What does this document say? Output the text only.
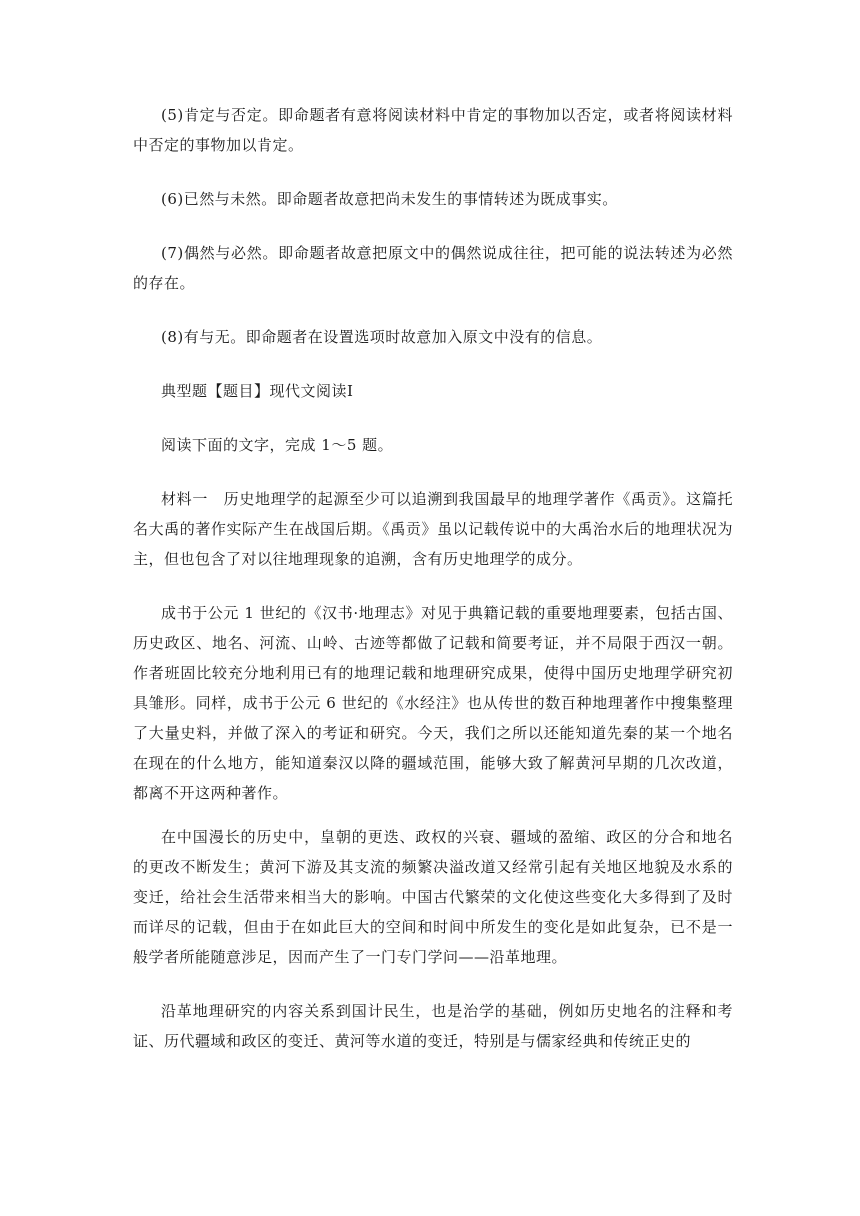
(5)肯定与否定。即命题者有意将阅读材料中肯定的事物加以否定，或者将阅读材料中否定的事物加以肯定。

(6)已然与未然。即命题者故意把尚未发生的事情转述为既成事实。

(7)偶然与必然。即命题者故意把原文中的偶然说成往往，把可能的说法转述为必然的存在。

(8)有与无。即命题者在设置选项时故意加入原文中没有的信息。

典型题【题目】现代文阅读Ⅰ

阅读下面的文字，完成 1～5 题。

材料一　历史地理学的起源至少可以追溯到我国最早的地理学著作《禹贡》。这篇托名大禹的著作实际产生在战国后期。《禹贡》虽以记载传说中的大禹治水后的地理状况为主，但也包含了对以往地理现象的追溯，含有历史地理学的成分。

成书于公元 1 世纪的《汉书·地理志》对见于典籍记载的重要地理要素，包括古国、历史政区、地名、河流、山岭、古迹等都做了记载和简要考证，并不局限于西汉一朝。作者班固比较充分地利用已有的地理记载和地理研究成果，使得中国历史地理学研究初具雏形。同样，成书于公元 6 世纪的《水经注》也从传世的数百种地理著作中搜集整理了大量史料，并做了深入的考证和研究。今天，我们之所以还能知道先秦的某一个地名在现在的什么地方，能知道秦汉以降的疆域范围，能够大致了解黄河早期的几次改道，都离不开这两种著作。

在中国漫长的历史中，皇朝的更迭、政权的兴衰、疆域的盈缩、政区的分合和地名的更改不断发生；黄河下游及其支流的频繁决溢改道又经常引起有关地区地貌及水系的变迁，给社会生活带来相当大的影响。中国古代繁荣的文化使这些变化大多得到了及时而详尽的记载，但由于在如此巨大的空间和时间中所发生的变化是如此复杂，已不是一般学者所能随意涉足，因而产生了一门专门学问——沿革地理。

沿革地理研究的内容关系到国计民生，也是治学的基础，例如历史地名的注释和考证、历代疆域和政区的变迁、黄河等水道的变迁，特别是与儒家经典和传统正史的
